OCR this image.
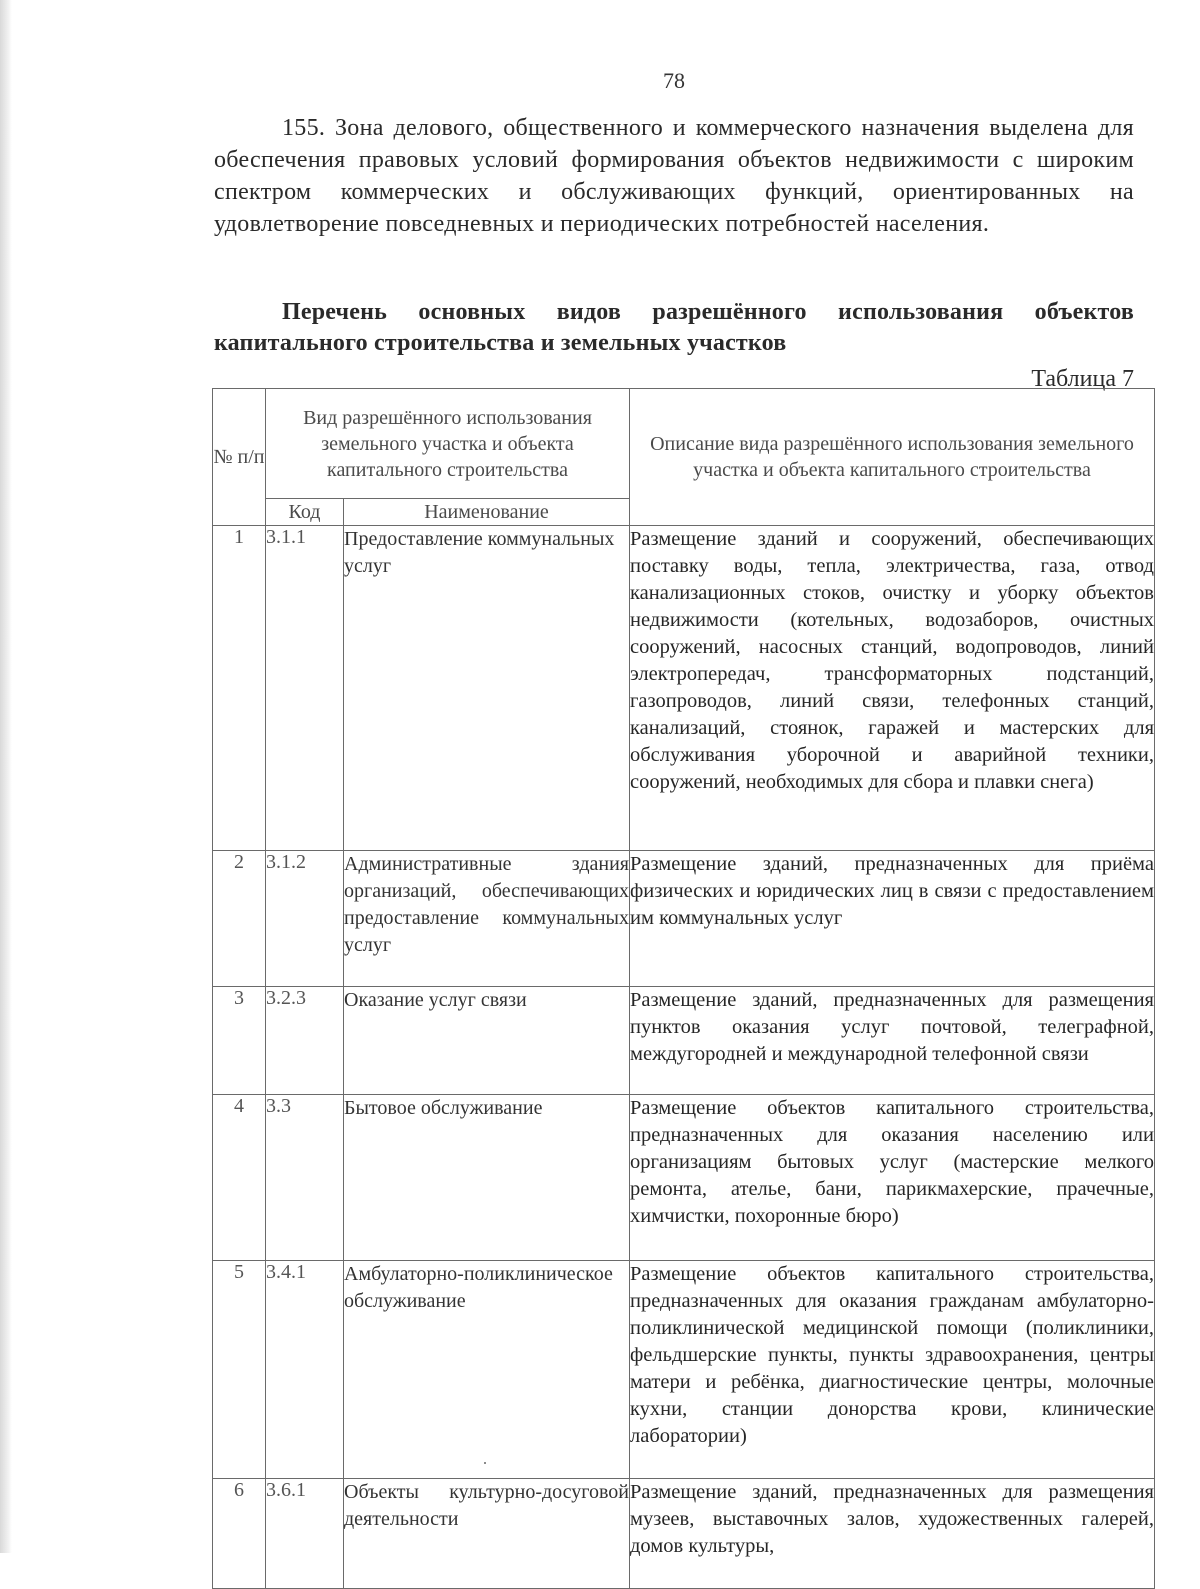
78

155. Зона делового, общественного и коммерческого назначения выделена для обеспечения правовых условий формирования объектов недвижимости с широким спектром коммерческих и обслуживающих функций, ориентированных на удовлетворение повседневных и периодических потребностей населения.

Перечень основных видов разрешённого использования объектов капитального строительства и земельных участков

Таблица 7
№ п/п	Вид разрешённого использования земельного участка и объекта капитального строительства		Описание вида разрешённого использования земельного участка и объекта капитального строительства
	Код	Наименование	
1	3.1.1	Предоставление коммунальных услуг	Размещение зданий и сооружений, обеспечивающих поставку воды, тепла, электричества, газа, отвод канализационных стоков, очистку и уборку объектов недвижимости (котельных, водозаборов, очистных сооружений, насосных станций, водопроводов, линий электропередач, трансформаторных подстанций, газопроводов, линий связи, телефонных станций, канализаций, стоянок, гаражей и мастерских для обслуживания уборочной и аварийной техники, сооружений, необходимых для сбора и плавки снега)
2	3.1.2	Административные здания организаций, обеспечивающих предоставление коммунальных услуг	Размещение зданий, предназначенных для приёма физических и юридических лиц в связи с предоставлением им коммунальных услуг
3	3.2.3	Оказание услуг связи	Размещение зданий, предназначенных для размещения пунктов оказания услуг почтовой, телеграфной, междугородней и международной телефонной связи
4	3.3	Бытовое обслуживание	Размещение объектов капитального строительства, предназначенных для оказания населению или организациям бытовых услуг (мастерские мелкого ремонта, ателье, бани, парикмахерские, прачечные, химчистки, похоронные бюро)
5	3.4.1	Амбулаторно-поликлиническое обслуживание	Размещение объектов капитального строительства, предназначенных для оказания гражданам амбулаторно-поликлинической медицинской помощи (поликлиники, фельдшерские пункты, пункты здравоохранения, центры матери и ребёнка, диагностические центры, молочные кухни, станции донорства крови, клинические лаборатории)
6	3.6.1	Объекты культурно-досуговой деятельности	Размещение зданий, предназначенных для размещения музеев, выставочных залов, художественных галерей, домов культуры,
